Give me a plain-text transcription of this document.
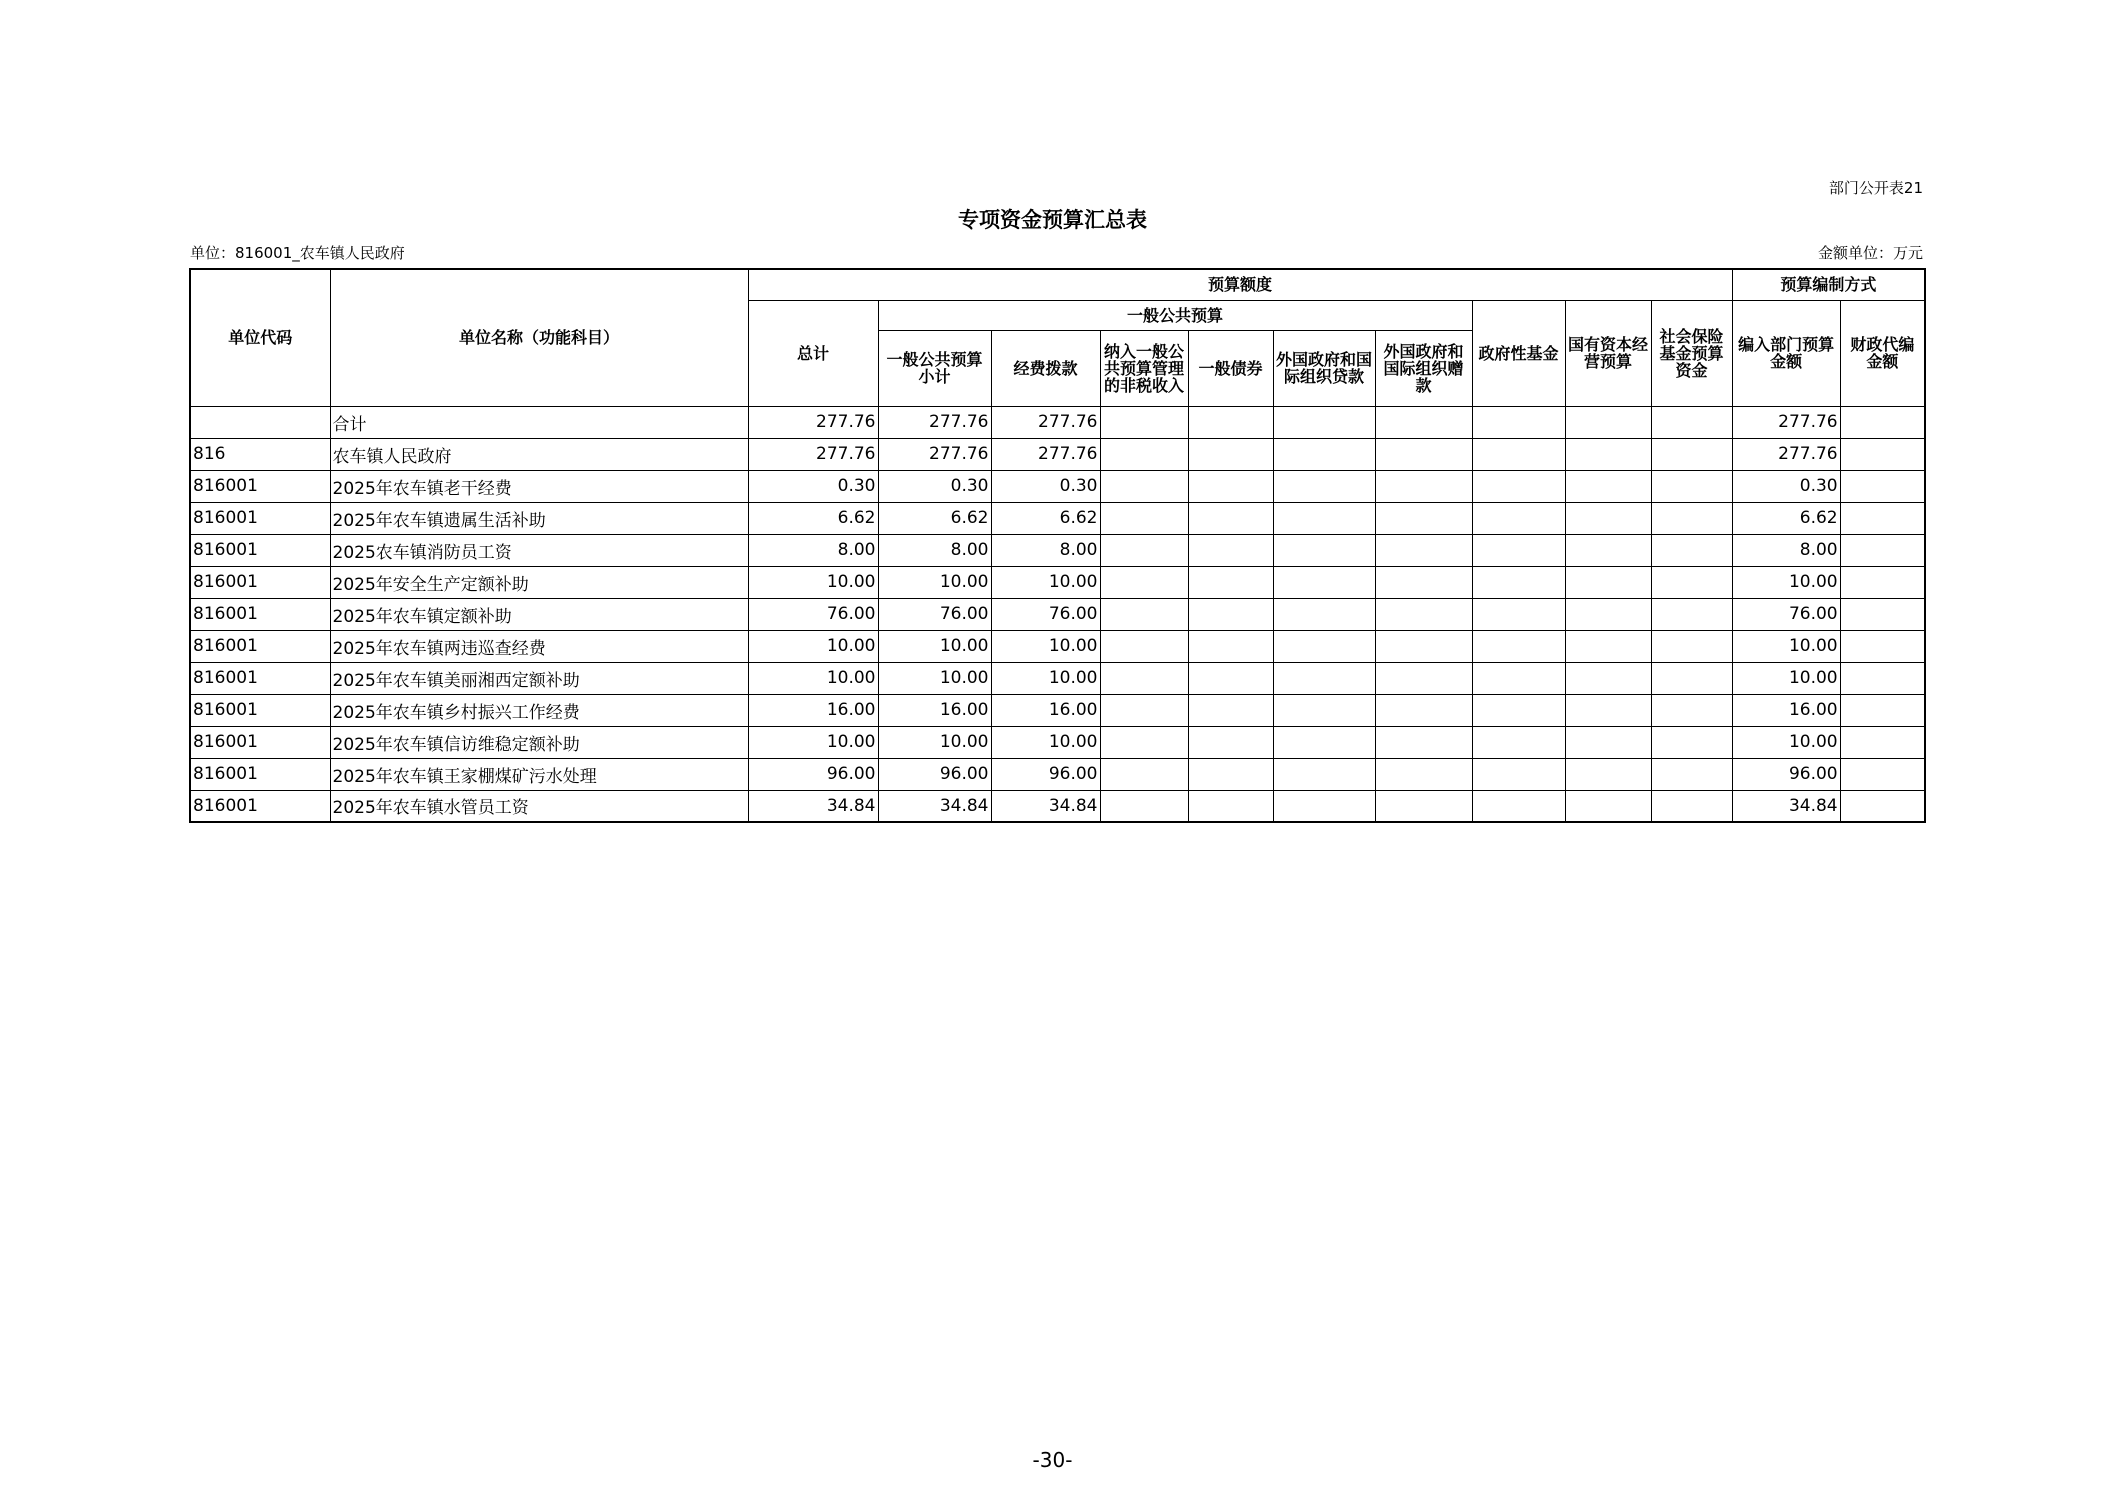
部门公开表21
专项资金预算汇总表
单位：816001_农车镇人民政府	金额单位：万元
单位代码	单位名称（功能科目）	预算额度										预算编制方式	
		总计	一般公共预算						政府性基金	国有资本经营预算	社会保险基金预算资金	编入部门预算金额	财政代编金额
			一般公共预算小计	经费拨款	纳入一般公共预算管理的非税收入	一般债券	外国政府和国际组织贷款	外国政府和国际组织赠款					
	合计	277.76	277.76	277.76								277.76	
816	农车镇人民政府	277.76	277.76	277.76								277.76	
816001	2025年农车镇老干经费	0.30	0.30	0.30								0.30	
816001	2025年农车镇遗属生活补助	6.62	6.62	6.62								6.62	
816001	2025农车镇消防员工资	8.00	8.00	8.00								8.00	
816001	2025年安全生产定额补助	10.00	10.00	10.00								10.00	
816001	2025年农车镇定额补助	76.00	76.00	76.00								76.00	
816001	2025年农车镇两违巡查经费	10.00	10.00	10.00								10.00	
816001	2025年农车镇美丽湘西定额补助	10.00	10.00	10.00								10.00	
816001	2025年农车镇乡村振兴工作经费	16.00	16.00	16.00								16.00	
816001	2025年农车镇信访维稳定额补助	10.00	10.00	10.00								10.00	
816001	2025年农车镇王家棚煤矿污水处理	96.00	96.00	96.00								96.00	
816001	2025年农车镇水管员工资	34.84	34.84	34.84								34.84	
-30-
